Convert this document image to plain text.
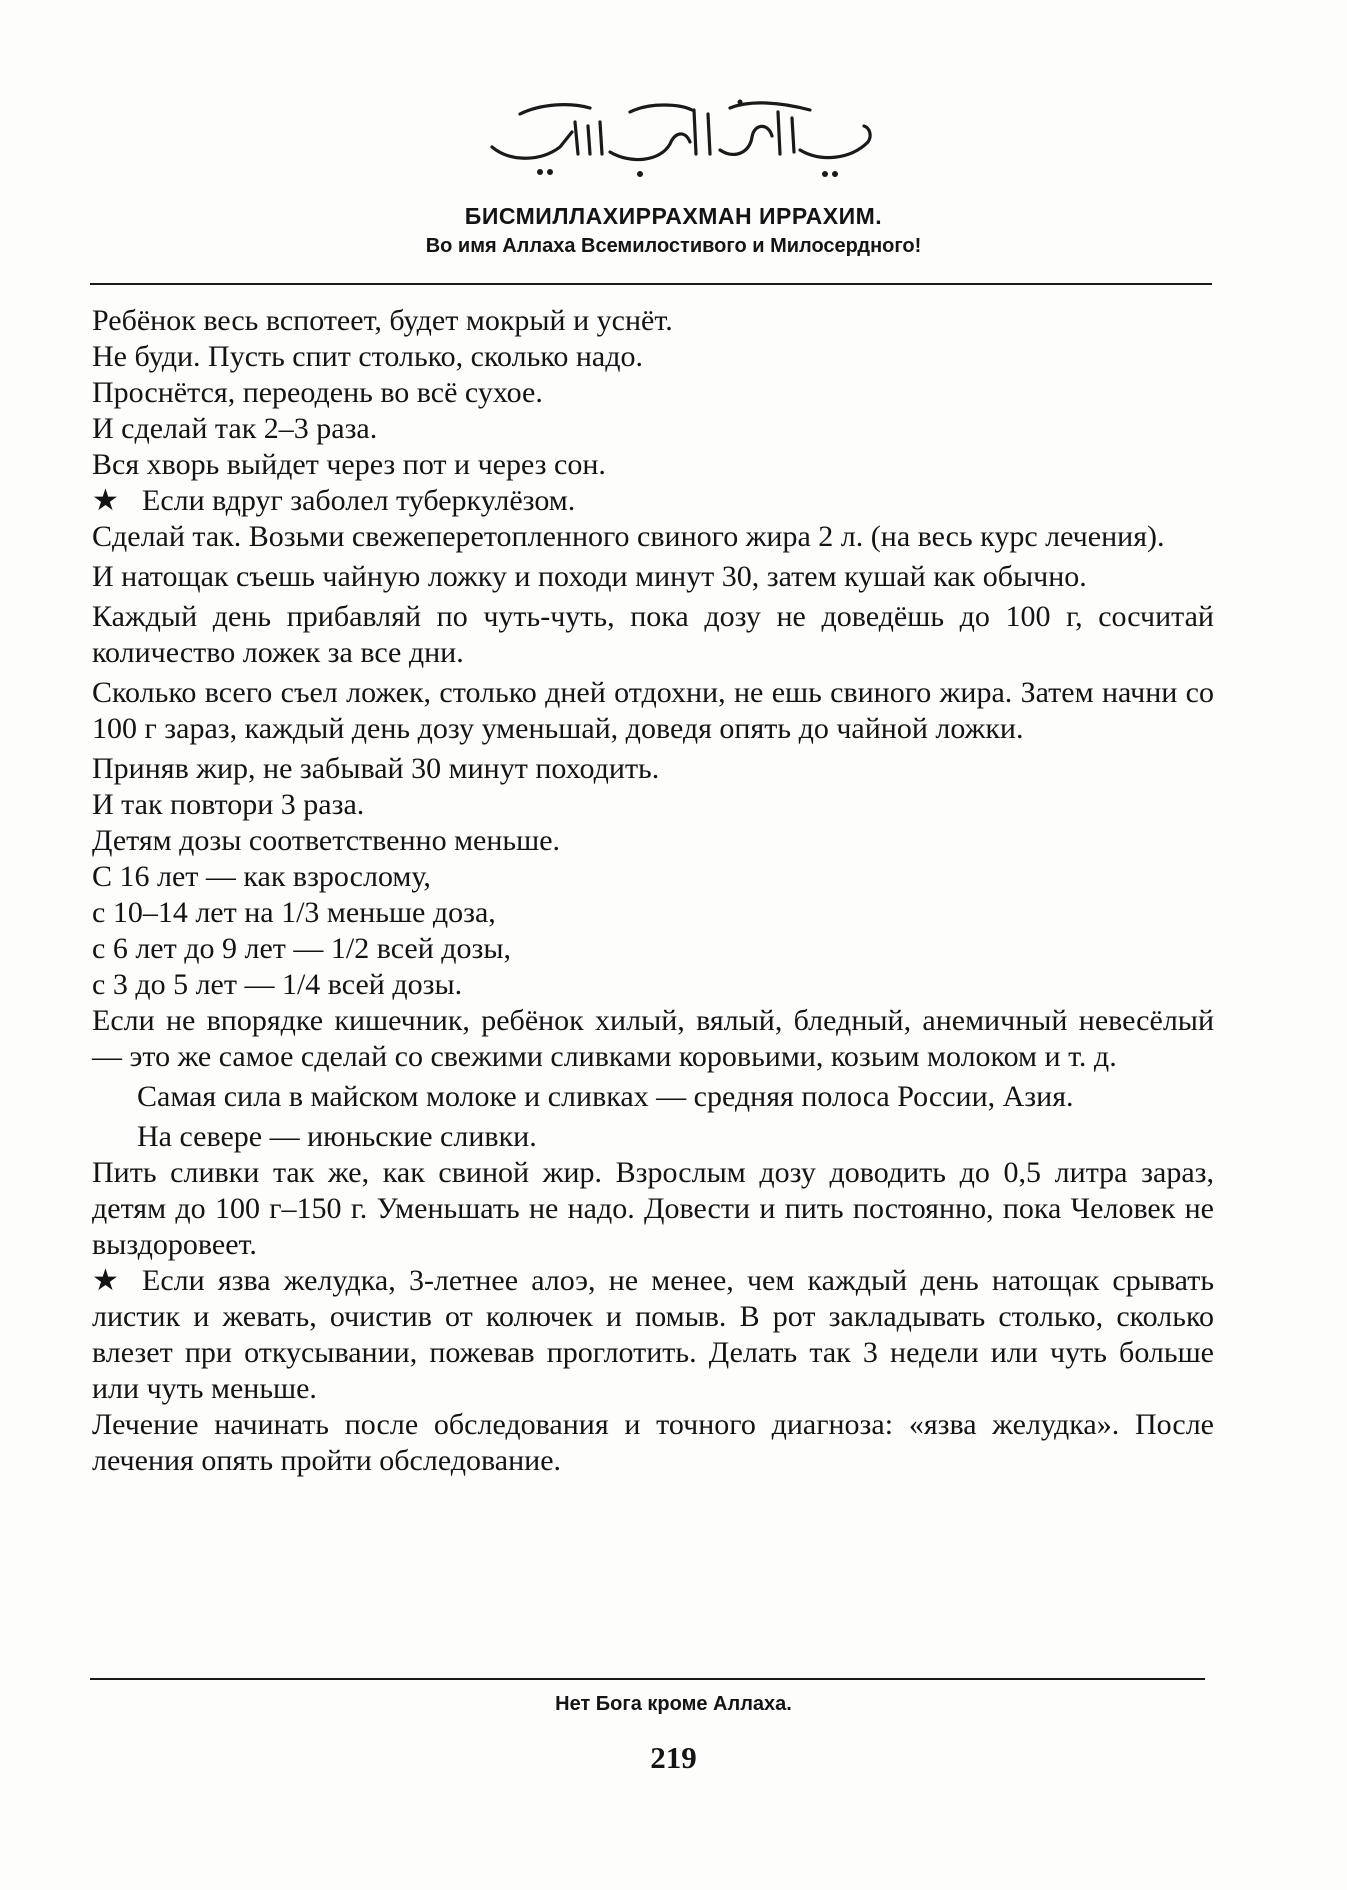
БИСМИЛЛАХИРРАХМАН ИРРАХИМ.
Во имя Аллаха Всемилостивого и Милосердного!

Ребёнок весь вспотеет, будет мокрый и уснёт.

Не буди. Пусть спит столько, сколько надо.

Проснётся, переодень во всё сухое.

И сделай так 2–3 раза.

Вся хворь выйдет через пот и через сон.

★ Если вдруг заболел туберкулёзом.

Сделай так. Возьми свежеперетопленного свиного жира 2 л. (на весь курс лечения).

И натощак съешь чайную ложку и походи минут 30, затем кушай как обычно.

Каждый день прибавляй по чуть-чуть, пока дозу не доведёшь до 100 г, сосчитай количество ложек за все дни.

Сколько всего съел ложек, столько дней отдохни, не ешь свиного жира. Затем начни со 100 г зараз, каждый день дозу уменьшай, доведя опять до чайной ложки.

Приняв жир, не забывай 30 минут походить.

И так повтори 3 раза.

Детям дозы соответственно меньше.

С 16 лет — как взрослому,

с 10–14 лет на 1/3 меньше доза,

с 6 лет до 9 лет — 1/2 всей дозы,

с 3 до 5 лет — 1/4 всей дозы.

Если не впорядке кишечник, ребёнок хилый, вялый, бледный, анемичный невесёлый — это же самое сделай со свежими сливками коровьими, козьим молоком и т. д.

Самая сила в майском молоке и сливках — средняя полоса России, Азия.

На севере — июньские сливки.

Пить сливки так же, как свиной жир. Взрослым дозу доводить до 0,5 литра зараз, детям до 100 г–150 г. Уменьшать не надо. Довести и пить постоянно, пока Человек не выздоровеет.

★ Если язва желудка, 3-летнее алоэ, не менее, чем каждый день натощак срывать листик и жевать, очистив от колючек и помыв. В рот закладывать столько, сколько влезет при откусывании, пожевав проглотить. Делать так 3 недели или чуть больше или чуть меньше.

Лечение начинать после обследования и точного диагноза: «язва желудка». После лечения опять пройти обследование.

Нет Бога кроме Аллаха.
219
